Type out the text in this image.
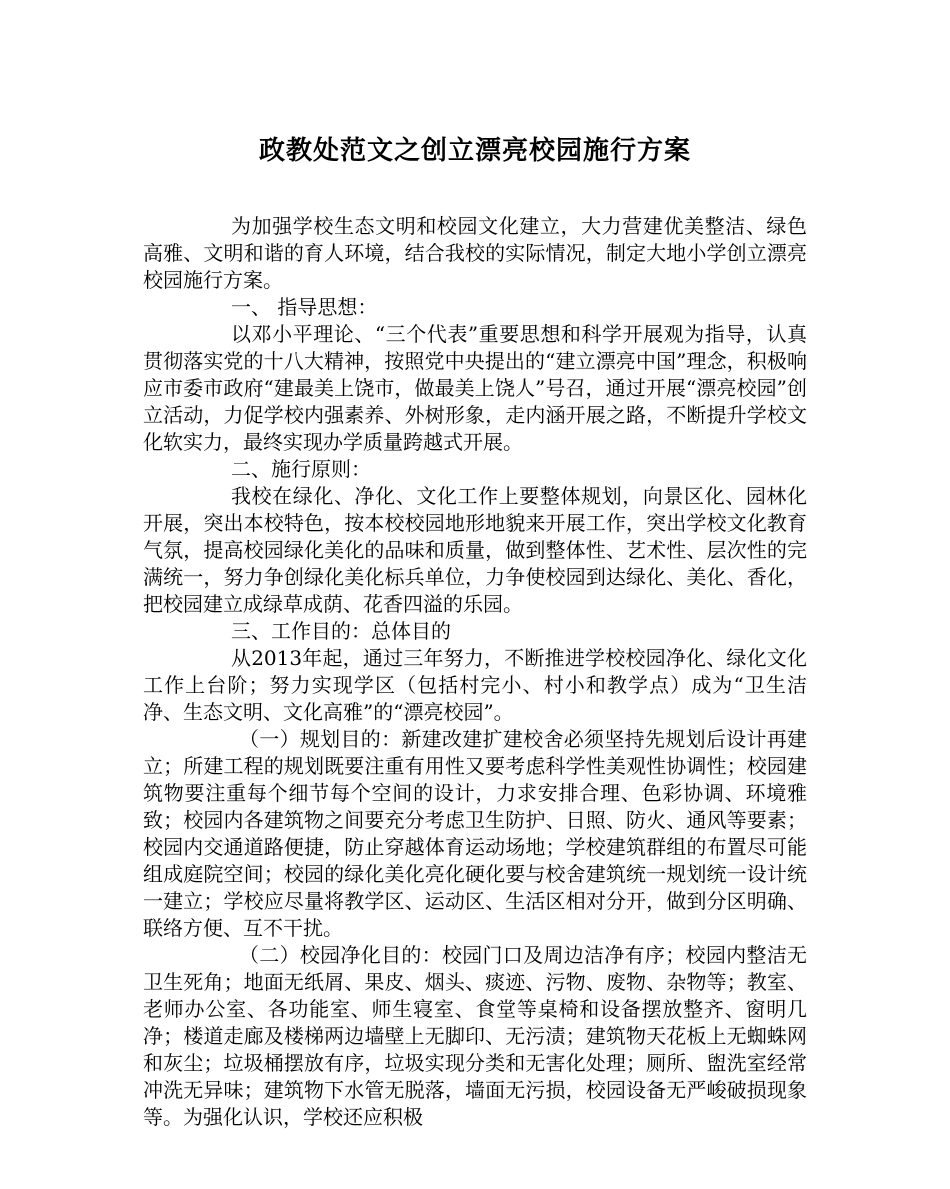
政教处范文之创立漂亮校园施行方案

为加强学校生态文明和校园文化建立，大力营建优美整洁、绿色高雅、文明和谐的育人环境，结合我校的实际情况，制定大地小学创立漂亮校园施行方案。

一、 指导思想：

以邓小平理论、“三个代表”重要思想和科学开展观为指导，认真贯彻落实党的十八大精神，按照党中央提出的“建立漂亮中国”理念，积极响应市委市政府“建最美上饶市，做最美上饶人”号召，通过开展“漂亮校园”创立活动，力促学校内强素养、外树形象，走内涵开展之路，不断提升学校文化软实力，最终实现办学质量跨越式开展。

二、施行原则：

我校在绿化、净化、文化工作上要整体规划，向景区化、园林化开展，突出本校特色，按本校校园地形地貌来开展工作，突出学校文化教育气氛，提高校园绿化美化的品味和质量，做到整体性、艺术性、层次性的完满统一，努力争创绿化美化标兵单位，力争使校园到达绿化、美化、香化，把校园建立成绿草成荫、花香四溢的乐园。

三、工作目的：总体目的

从2013年起，通过三年努力，不断推进学校校园净化、绿化文化工作上台阶；努力实现学区（包括村完小、村小和教学点）成为“卫生洁净、生态文明、文化高雅”的“漂亮校园”。

（一）规划目的：新建改建扩建校舍必须坚持先规划后设计再建立；所建工程的规划既要注重有用性又要考虑科学性美观性协调性；校园建筑物要注重每个细节每个空间的设计，力求安排合理、色彩协调、环境雅致；校园内各建筑物之间要充分考虑卫生防护、日照、防火、通风等要素；校园内交通道路便捷，防止穿越体育运动场地；学校建筑群组的布置尽可能组成庭院空间；校园的绿化美化亮化硬化要与校舍建筑统一规划统一设计统一建立；学校应尽量将教学区、运动区、生活区相对分开，做到分区明确、联络方便、互不干扰。

（二）校园净化目的：校园门口及周边洁净有序；校园内整洁无卫生死角；地面无纸屑、果皮、烟头、痰迹、污物、废物、杂物等；教室、老师办公室、各功能室、师生寝室、食堂等桌椅和设备摆放整齐、窗明几净；楼道走廊及楼梯两边墙壁上无脚印、无污渍；建筑物天花板上无蜘蛛网和灰尘；垃圾桶摆放有序，垃圾实现分类和无害化处理；厕所、盥洗室经常冲洗无异味；建筑物下水管无脱落，墙面无污损，校园设备无严峻破损现象等。为强化认识，学校还应积极
